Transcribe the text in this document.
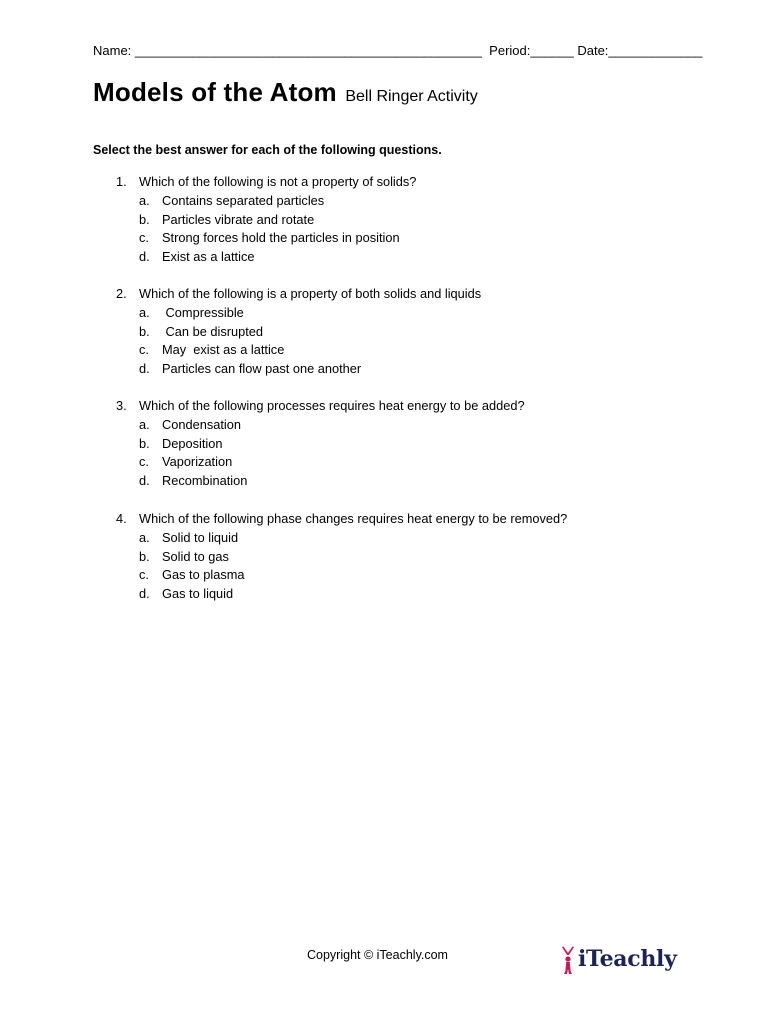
Name: ________________________________________________  Period:______ Date:_____________
Models of the Atom Bell Ringer Activity
Select the best answer for each of the following questions.
1. Which of the following is not a property of solids?

a.

Contains separated particles

b.

Particles vibrate and rotate

c.

Strong forces hold the particles in position

d.

Exist as a lattice

2. Which of the following is a property of both solids and liquids

a.

Compressible

b.

Can be disrupted

c.

May  exist as a lattice

d.

Particles can flow past one another

3. Which of the following processes requires heat energy to be added?

a.

Condensation

b.

Deposition

c.

Vaporization

d.

Recombination

4. Which of the following phase changes requires heat energy to be removed?

a.

Solid to liquid

b.

Solid to gas

c.

Gas to plasma

d.

Gas to liquid

Copyright © iTeachly.com	iTeachly
